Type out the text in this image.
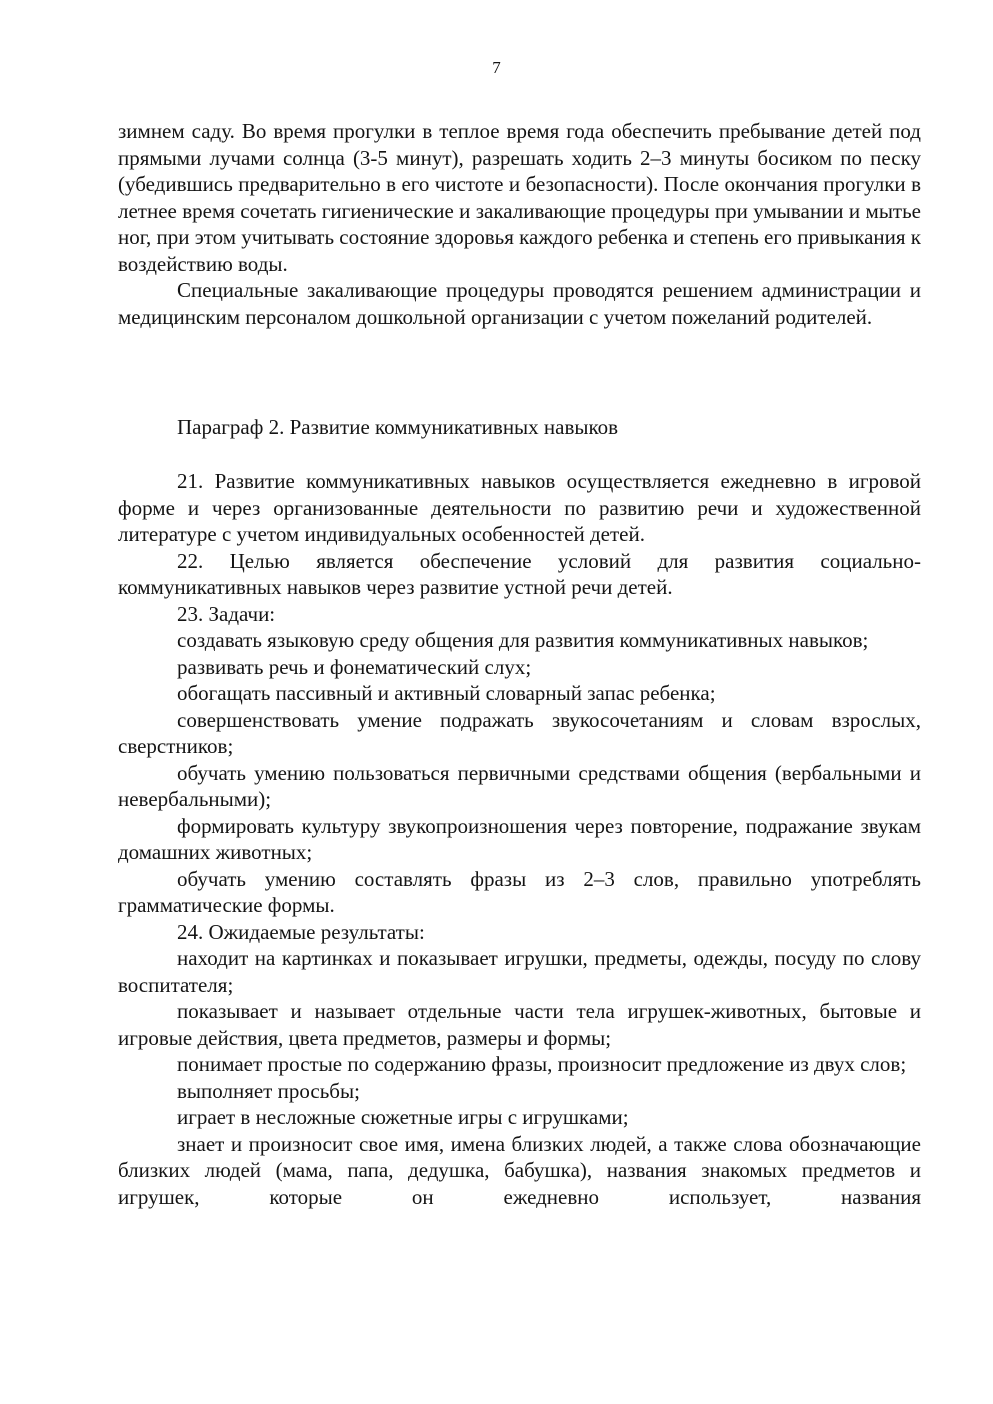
7

зимнем саду. Во время прогулки в теплое время года обеспечить пребывание детей под прямыми лучами солнца (3-5 минут), разрешать ходить 2–3 минуты босиком по песку (убедившись предварительно в его чистоте и безопасности). После окончания прогулки в летнее время сочетать гигиенические и закаливающие процедуры при умывании и мытье ног, при этом учитывать состояние здоровья каждого ребенка и степень его привыкания к воздействию воды.

Специальные закаливающие процедуры проводятся решением администрации и медицинским персоналом дошкольной организации с учетом пожеланий родителей.

Параграф 2. Развитие коммуникативных навыков

21. Развитие коммуникативных навыков осуществляется ежедневно в игровой форме и через организованные деятельности по развитию речи и художественной литературе с учетом индивидуальных особенностей детей.

22. Целью является обеспечение условий для развития социально-коммуникативных навыков через развитие устной речи детей.

23. Задачи:

создавать языковую среду общения для развития коммуникативных навыков;

развивать речь и фонематический слух;

обогащать пассивный и активный словарный запас ребенка;

совершенствовать умение подражать звукосочетаниям и словам взрослых, сверстников;

обучать умению пользоваться первичными средствами общения (вербальными и невербальными);

формировать культуру звукопроизношения через повторение, подражание звукам домашних животных;

обучать умению составлять фразы из 2–3 слов, правильно употреблять грамматические формы.

24. Ожидаемые результаты:

находит на картинках и показывает игрушки, предметы, одежды, посуду по слову воспитателя;

показывает и называет отдельные части тела игрушек-животных, бытовые и игровые действия, цвета предметов, размеры и формы;

понимает простые по содержанию фразы, произносит предложение из двух слов;

выполняет просьбы;

играет в несложные сюжетные игры с игрушками;

знает и произносит свое имя, имена близких людей, а также слова обозначающие близких людей (мама, папа, дедушка, бабушка), названия знакомых предметов и игрушек, которые он ежедневно использует, названия
